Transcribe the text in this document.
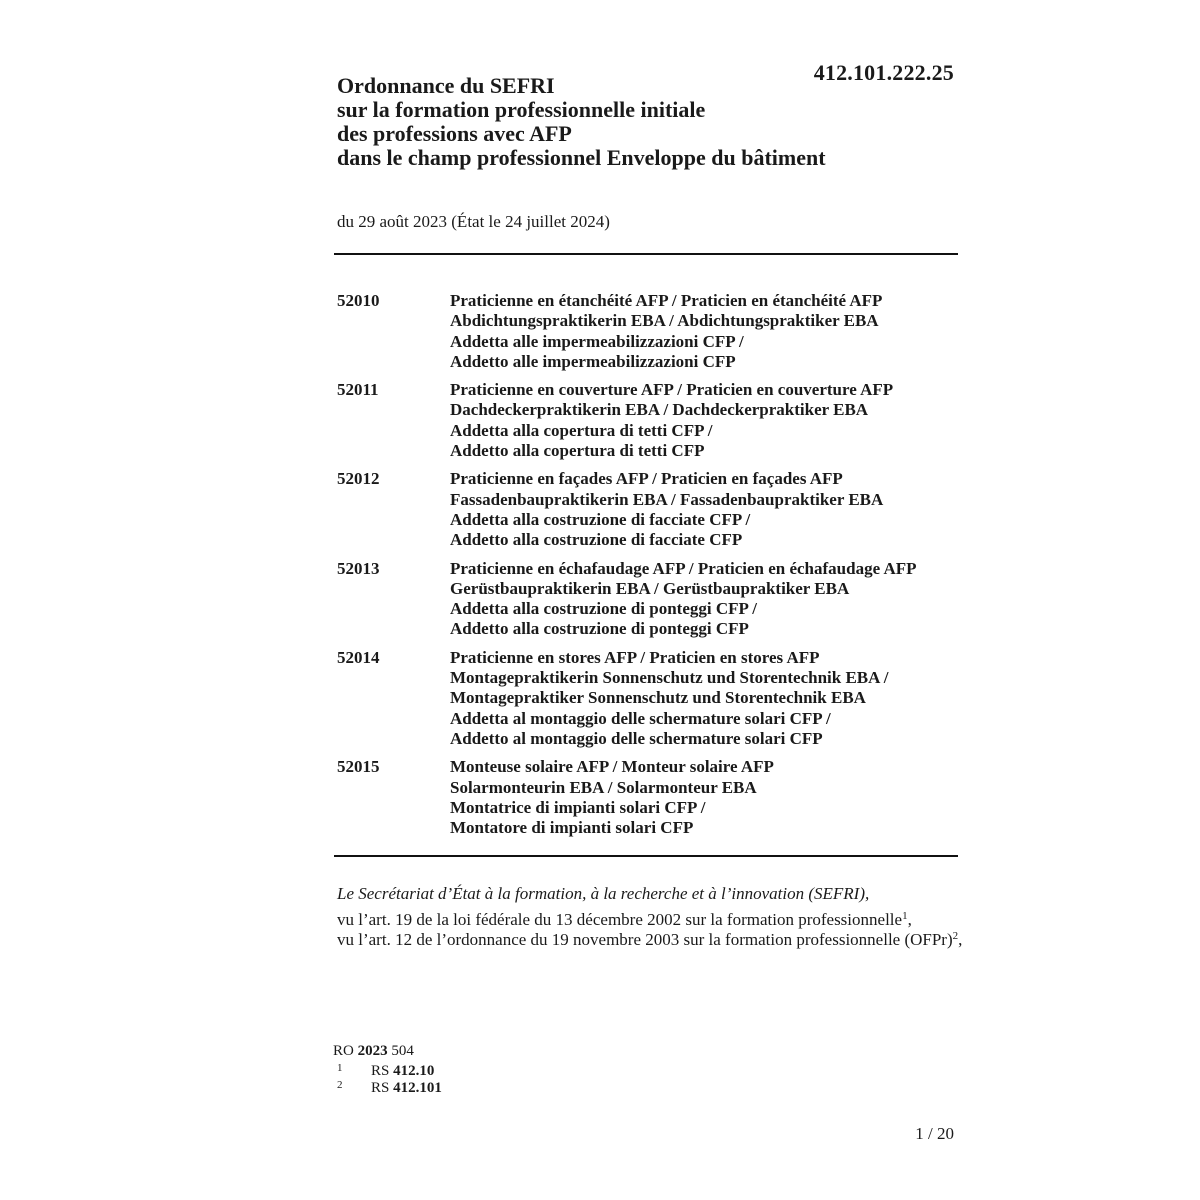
412.101.222.25
Ordonnance du SEFRI
sur la formation professionnelle initiale
des professions avec AFP
dans le champ professionnel Enveloppe du bâtiment
du 29 août 2023 (État le 24 juillet 2024)
52010	Praticienne en étanchéité AFP / Praticien en étanchéité AFP
Abdichtungspraktikerin EBA / Abdichtungspraktiker EBA
Addetta alle impermeabilizzazioni CFP /
Addetto alle impermeabilizzazioni CFP
52011	Praticienne en couverture AFP / Praticien en couverture AFP
Dachdeckerpraktikerin EBA / Dachdeckerpraktiker EBA
Addetta alla copertura di tetti CFP /
Addetto alla copertura di tetti CFP
52012	Praticienne en façades AFP / Praticien en façades AFP
Fassadenbaupraktikerin EBA / Fassadenbaupraktiker EBA
Addetta alla costruzione di facciate CFP /
Addetto alla costruzione di facciate CFP
52013	Praticienne en échafaudage AFP / Praticien en échafaudage AFP
Gerüstbaupraktikerin EBA / Gerüstbaupraktiker EBA
Addetta alla costruzione di ponteggi CFP /
Addetto alla costruzione di ponteggi CFP
52014	Praticienne en stores AFP / Praticien en stores AFP
Montagepraktikerin Sonnenschutz und Storentechnik EBA /
Montagepraktiker Sonnenschutz und Storentechnik EBA
Addetta al montaggio delle schermature solari CFP /
Addetto al montaggio delle schermature solari CFP
52015	Monteuse solaire AFP / Monteur solaire AFP
Solarmonteurin EBA / Solarmonteur EBA
Montatrice di impianti solari CFP /
Montatore di impianti solari CFP
Le Secrétariat d’État à la formation, à la recherche et à l’innovation (SEFRI),
vu l’art. 19 de la loi fédérale du 13 décembre 2002 sur la formation professionnelle$^1$,
vu l’art. 12 de l’ordonnance du 19 novembre 2003 sur la formation professionnelle (OFPr)$^2$,
RO 2023 504
1	RS 412.10
2	RS 412.101
1 / 20
